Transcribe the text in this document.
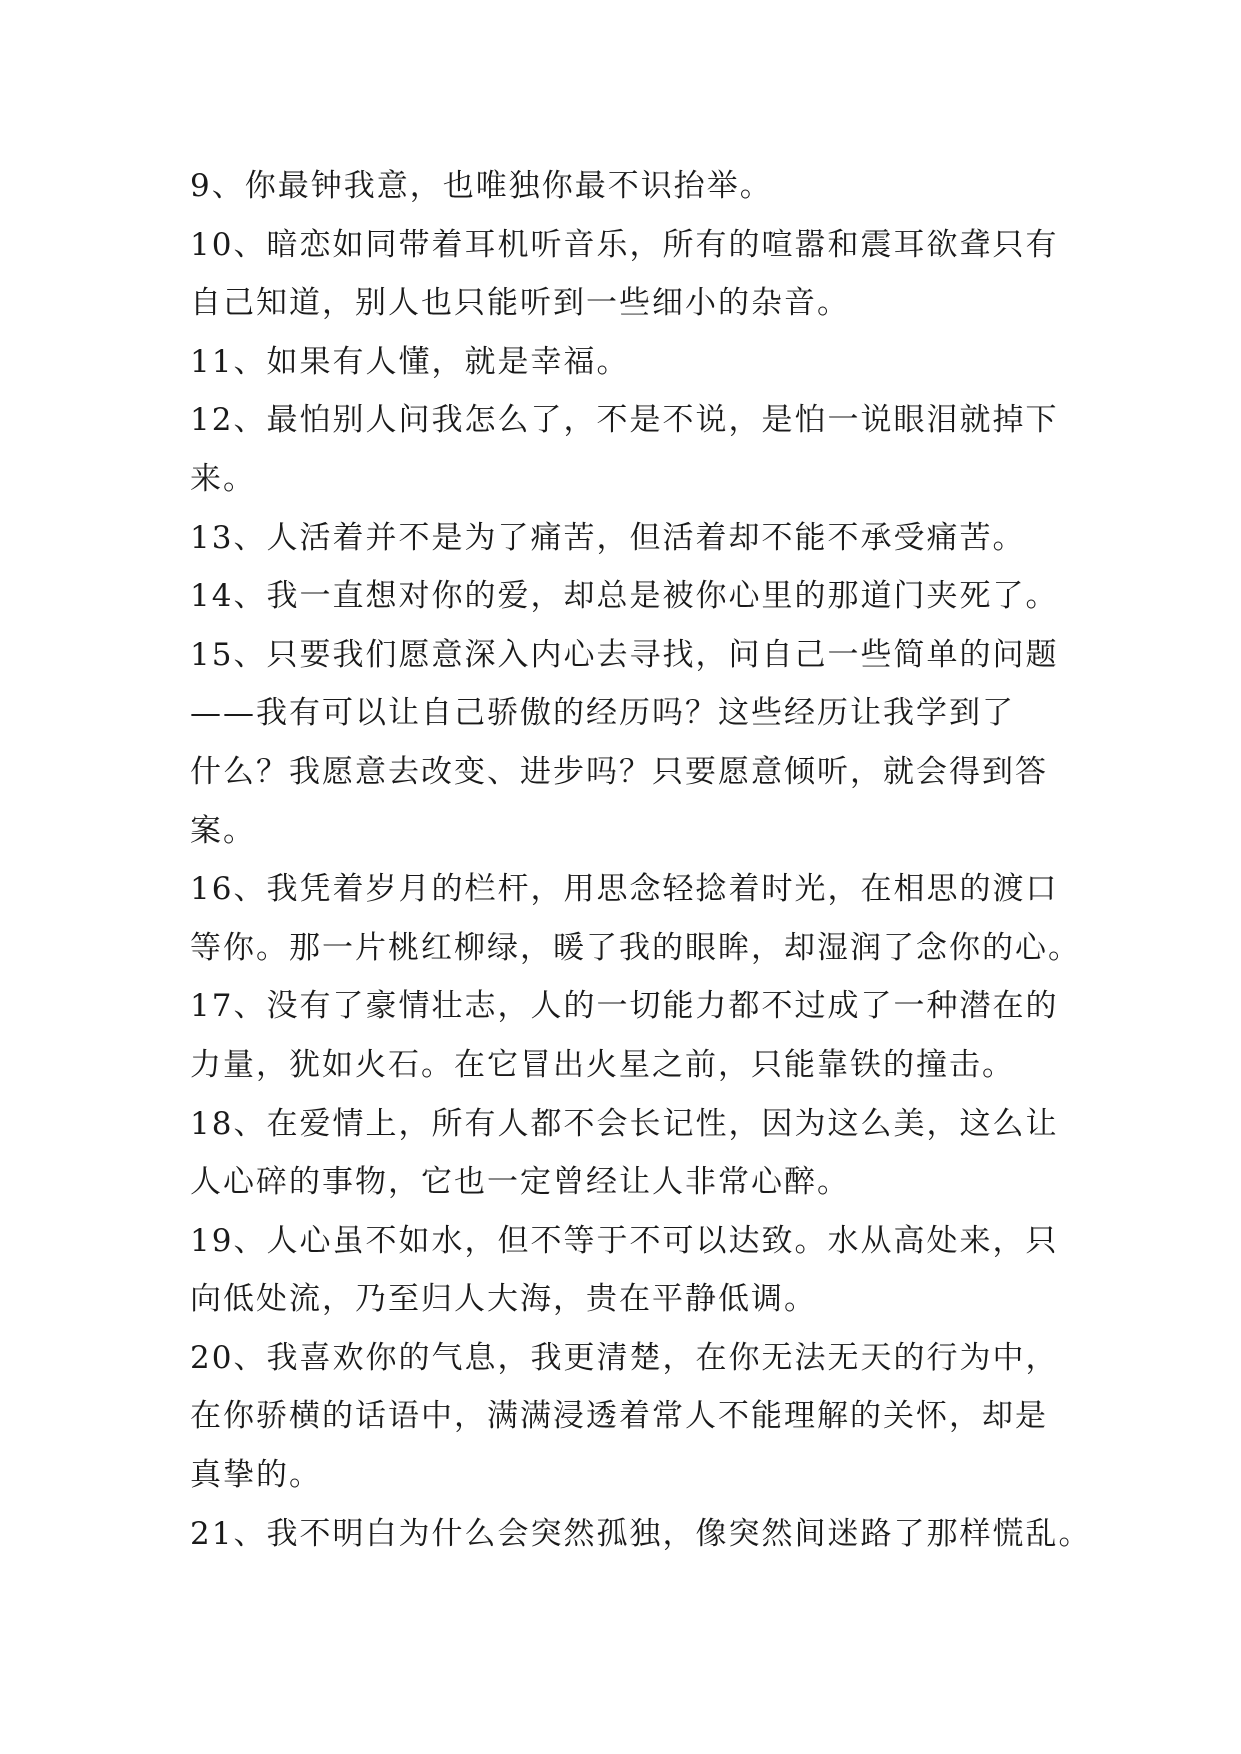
9、你最钟我意，也唯独你最不识抬举。
10、暗恋如同带着耳机听音乐，所有的喧嚣和震耳欲聋只有
自己知道，别人也只能听到一些细小的杂音。
11、如果有人懂，就是幸福。
12、最怕别人问我怎么了，不是不说，是怕一说眼泪就掉下
来。
13、人活着并不是为了痛苦，但活着却不能不承受痛苦。
14、我一直想对你的爱，却总是被你心里的那道门夹死了。
15、只要我们愿意深入内心去寻找，问自己一些简单的问题
——我有可以让自己骄傲的经历吗？这些经历让我学到了
什么？我愿意去改变、进步吗？只要愿意倾听，就会得到答
案。
16、我凭着岁月的栏杆，用思念轻捻着时光，在相思的渡口
等你。那一片桃红柳绿，暖了我的眼眸，却湿润了念你的心。
17、没有了豪情壮志，人的一切能力都不过成了一种潜在的
力量，犹如火石。在它冒出火星之前，只能靠铁的撞击。
18、在爱情上，所有人都不会长记性，因为这么美，这么让
人心碎的事物，它也一定曾经让人非常心醉。
19、人心虽不如水，但不等于不可以达致。水从高处来，只
向低处流，乃至归人大海，贵在平静低调。
20、我喜欢你的气息，我更清楚，在你无法无天的行为中，
在你骄横的话语中，满满浸透着常人不能理解的关怀，却是
真挚的。
21、我不明白为什么会突然孤独，像突然间迷路了那样慌乱。
